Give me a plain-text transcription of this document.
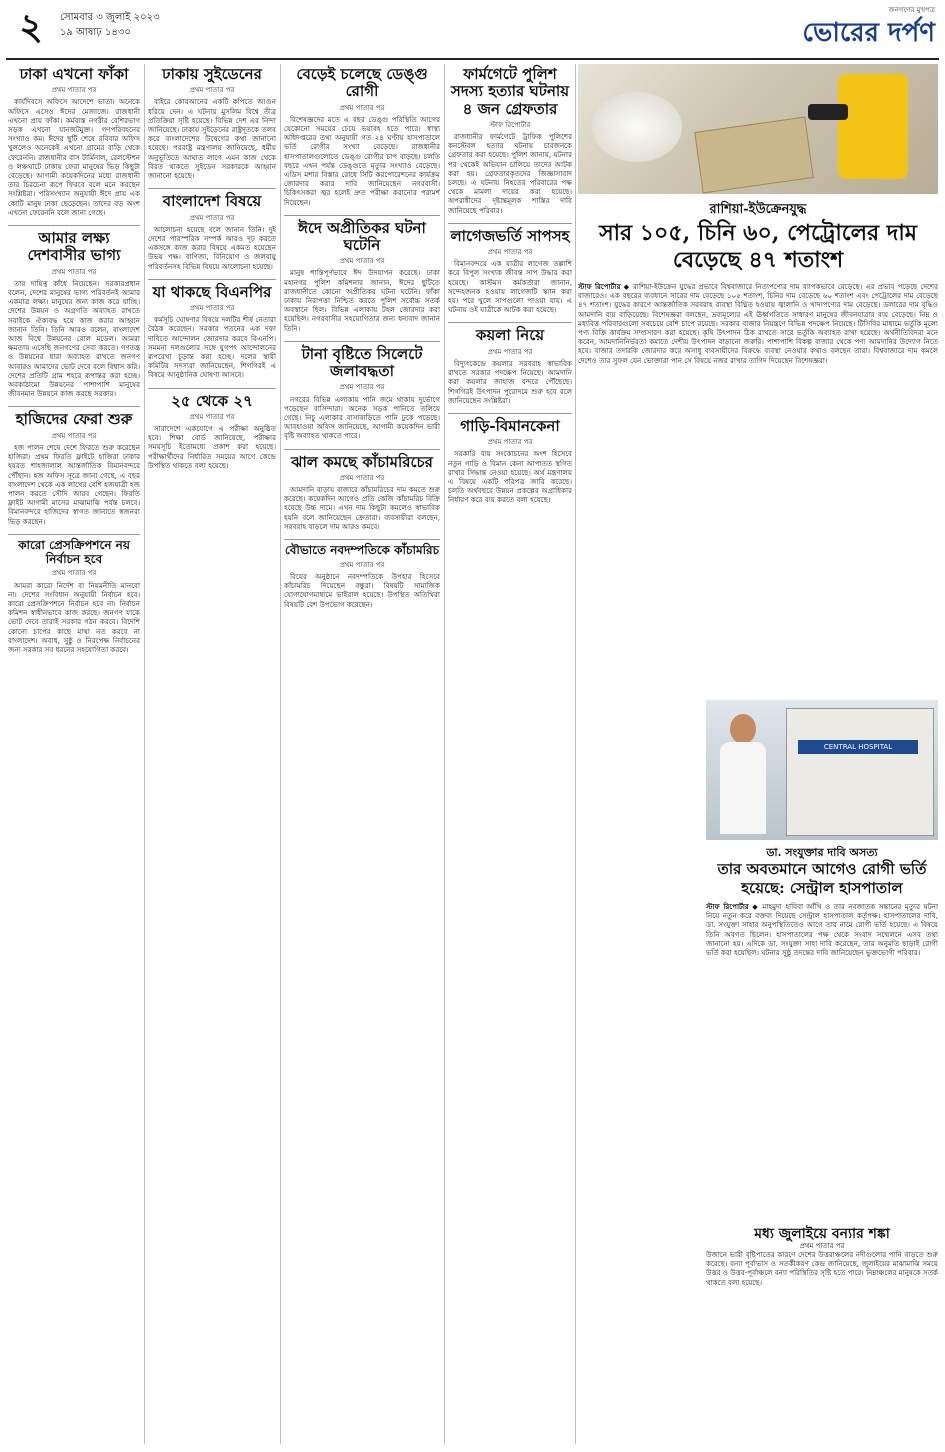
২	সোমবার ৩ জুলাই ২০২৩
১৯ আষাঢ় ১৪৩০
জনগণের মুখপত্র
ভোরের দর্পণ
ঢাকা এখনো ফাঁকা
প্রথম পাতার পর

কার্যদিবসে অফিসে আদেশে ভাতা। অনেকে অফিসে এসেও ঈদের মেজাজে। রাজধানী এখনো প্রায় ফাঁকা। কর্মব্যস্ত নগরীর বেশিরভাগ সড়ক এখনো যানজটমুক্ত। গণপরিবহনের সংখ্যাও কম। ঈদের ছুটি শেষে রবিবার অফিস খুললেও অনেকেই এখনো গ্রামের বাড়ি থেকে ফেরেননি। রাজধানীর বাস টার্মিনাল, রেলস্টেশন ও লঞ্চঘাটে ঢাকায় ফেরা মানুষের ভিড় কিছুটা বেড়েছে। আগামী কয়েকদিনের মধ্যে রাজধানী তার চিরচেনা রূপে ফিরবে বলে মনে করছেন সংশ্লিষ্টরা। পরিসংখ্যান অনুযায়ী ঈদে প্রায় এক কোটি মানুষ ঢাকা ছেড়েছেন। তাদের বড় অংশ এখনো ফেরেননি বলে জানা গেছে।

আমার লক্ষ্য দেশবাসীর ভাগ্য
প্রথম পাতার পর

তার দায়িত্ব কাঁধে নিয়েছেন। সরকারপ্রধান বলেন, দেশের মানুষের ভাগ্য পরিবর্তনই আমার একমাত্র লক্ষ্য। মানুষের জন্য কাজ করে যাচ্ছি। দেশের উন্নয়ন ও অগ্রগতি অব্যাহত রাখতে সবাইকে ঐক্যবদ্ধ হয়ে কাজ করার আহ্বান জানান তিনি। তিনি আরও বলেন, বাংলাদেশ আজ বিশ্বে উন্নয়নের রোল মডেল। আমরা ক্ষমতায় এসেছি জনগণের সেবা করতে। গণতন্ত্র ও উন্নয়নের ধারা অব্যাহত রাখতে জনগণ আবারও আমাদের ভোট দেবে বলে বিশ্বাস করি। দেশের প্রতিটি গ্রাম শহরে রূপান্তর করা হচ্ছে। অবকাঠামো উন্নয়নের পাশাপাশি মানুষের জীবনমান উন্নয়নে কাজ করছে সরকার।

হাজিদের ফেরা শুরু
প্রথম পাতার পর

হজ পালন শেষে দেশে ফিরতে শুরু করেছেন হাজিরা। প্রথম ফিরতি ফ্লাইটে হাজিরা ঢাকার হযরত শাহজালাল আন্তর্জাতিক বিমানবন্দরে পৌঁছান। হজ অফিস সূত্রে জানা গেছে, এ বছর বাংলাদেশ থেকে এক লাখের বেশি হজযাত্রী হজ পালন করতে সৌদি আরব গেছেন। ফিরতি ফ্লাইট আগামী মাসের মাঝামাঝি পর্যন্ত চলবে। বিমানবন্দরে হাজিদের স্বাগত জানাতে স্বজনরা ভিড় করছেন।

কারো প্রেসক্রিপশনে নয় নির্বাচন হবে
প্রথম পাতার পর

আমরা কারো নির্দেশ বা নিয়মনীতি মানবো না। দেশের সংবিধান অনুযায়ী নির্বাচন হবে। কারো প্রেসক্রিপশনে নির্বাচন হবে না। নির্বাচন কমিশন স্বাধীনভাবে কাজ করছে। জনগণ যাকে ভোট দেবে তারাই সরকার গঠন করবে। বিদেশি কোনো চাপের কাছে মাথা নত করবে না বাংলাদেশ। অবাধ, সুষ্ঠু ও নিরপেক্ষ নির্বাচনের জন্য সরকার সব ধরনের সহযোগিতা করবে।

ঢাকায় সুইডেনের
প্রথম পাতার পর

বাইরে কোরআনের একটি কপিতে আগুন ধরিয়ে দেন। এ ঘটনায় মুসলিম বিশ্বে তীব্র প্রতিক্রিয়া সৃষ্টি হয়েছে। বিভিন্ন দেশ এর নিন্দা জানিয়েছে। ঢাকায় সুইডেনের রাষ্ট্রদূতকে তলব করে বাংলাদেশের উদ্বেগের কথা জানানো হয়েছে। পররাষ্ট্র মন্ত্রণালয় জানিয়েছে, ধর্মীয় অনুভূতিতে আঘাত লাগে এমন কাজ থেকে বিরত থাকতে সুইডেন সরকারকে আহ্বান জানানো হয়েছে।

বাংলাদেশ বিষয়ে
প্রথম পাতার পর

আলোচনা হয়েছে বলে জানান তিনি। দুই দেশের পারস্পরিক সম্পর্ক আরও দৃঢ় করতে একসঙ্গে কাজ করার বিষয়ে একমত হয়েছেন উভয় পক্ষ। বাণিজ্য, বিনিয়োগ ও জলবায়ু পরিবর্তনসহ বিভিন্ন বিষয়ে আলোচনা হয়েছে।

যা থাকছে বিএনপির
প্রথম পাতার পর

কর্মসূচি ঘোষণার বিষয়ে দলটির শীর্ষ নেতারা বৈঠক করেছেন। সরকার পতনের এক দফা দাবিতে আন্দোলন জোরদার করবে বিএনপি। সমমনা দলগুলোর সঙ্গে যুগপৎ আন্দোলনের রূপরেখা চূড়ান্ত করা হচ্ছে। দলের স্থায়ী কমিটির সদস্যরা জানিয়েছেন, শিগগিরই এ বিষয়ে আনুষ্ঠানিক ঘোষণা আসবে।

২৫ থেকে ২৭
প্রথম পাতার পর

সারাদেশে একযোগে এ পরীক্ষা অনুষ্ঠিত হবে। শিক্ষা বোর্ড জানিয়েছে, পরীক্ষার সময়সূচি ইতোমধ্যে প্রকাশ করা হয়েছে। পরীক্ষার্থীদের নির্ধারিত সময়ের আগে কেন্দ্রে উপস্থিত থাকতে বলা হয়েছে।

বেড়েই চলেছে ডেঙ্গু রোগী
প্রথম পাতার পর

বিশেষজ্ঞদের মতে এ বছর ডেঙ্গু পরিস্থিতি আগের যেকোনো সময়ের চেয়ে ভয়াবহ হতে পারে। স্বাস্থ্য অধিদপ্তরের তথ্য অনুযায়ী গত ২৪ ঘণ্টায় হাসপাতালে ভর্তি রোগীর সংখ্যা বেড়েছে। রাজধানীর হাসপাতালগুলোতে ডেঙ্গু রোগীর চাপ বাড়ছে। চলতি বছরে এখন পর্যন্ত ডেঙ্গুতে মৃত্যুর সংখ্যাও বেড়েছে। এডিস মশার বিস্তার রোধে সিটি করপোরেশনের কার্যক্রম জোরদার করার দাবি জানিয়েছেন নগরবাসী। চিকিৎসকরা জ্বর হলেই দ্রুত পরীক্ষা করানোর পরামর্শ দিয়েছেন।

ঈদে অপ্রীতিকর ঘটনা ঘটেনি
প্রথম পাতার পর

মানুষ শান্তিপূর্ণভাবে ঈদ উদযাপন করেছে। ঢাকা মহানগর পুলিশ কমিশনার জানান, ঈদের ছুটিতে রাজধানীতে কোনো অপ্রীতিকর ঘটনা ঘটেনি। ফাঁকা ঢাকায় নিরাপত্তা নিশ্চিত করতে পুলিশ সর্বোচ্চ সতর্ক অবস্থানে ছিল। বিভিন্ন এলাকায় টহল জোরদার করা হয়েছিল। নগরবাসীর সহযোগিতার জন্য ধন্যবাদ জানান তিনি।

টানা বৃষ্টিতে সিলেটে জলাবদ্ধতা
প্রথম পাতার পর

নগরের বিভিন্ন এলাকায় পানি জমে থাকায় দুর্ভোগে পড়েছেন বাসিন্দারা। অনেক সড়ক পানিতে তলিয়ে গেছে। নিচু এলাকার বাসাবাড়িতে পানি ঢুকে পড়েছে। আবহাওয়া অফিস জানিয়েছে, আগামী কয়েকদিন ভারী বৃষ্টি অব্যাহত থাকতে পারে।

ঝাল কমছে কাঁচামরিচের
প্রথম পাতার পর

আমদানি বাড়ায় বাজারে কাঁচামরিচের দাম কমতে শুরু করেছে। কয়েকদিন আগেও প্রতি কেজি কাঁচামরিচ বিক্রি হয়েছে উচ্চ দামে। এখন দাম কিছুটা কমলেও স্বাভাবিক হয়নি বলে জানিয়েছেন ক্রেতারা। ব্যবসায়ীরা বলছেন, সরবরাহ বাড়লে দাম আরও কমবে।

বৌভাতে নবদম্পতিকে কাঁচামরিচ
প্রথম পাতার পর

বিয়ের অনুষ্ঠানে নবদম্পতিকে উপহার হিসেবে কাঁচামরিচ দিয়েছেন বন্ধুরা। বিষয়টি সামাজিক যোগাযোগমাধ্যমে ভাইরাল হয়েছে। উপস্থিত অতিথিরা বিষয়টি বেশ উপভোগ করেছেন।

ফার্মগেটে পুলিশ সদস্য হত্যার ঘটনায় ৪ জন গ্রেফতার
স্টাফ রিপোর্টার

রাজধানীর ফার্মগেটে ট্রাফিক পুলিশের কনস্টেবল হত্যার ঘটনায় চারজনকে গ্রেফতার করা হয়েছে। পুলিশ জানায়, ঘটনার পর থেকেই অভিযান চালিয়ে তাদের আটক করা হয়। গ্রেফতারকৃতদের জিজ্ঞাসাবাদ চলছে। এ ঘটনায় নিহতের পরিবারের পক্ষ থেকে মামলা দায়ের করা হয়েছে। অপরাধীদের দৃষ্টান্তমূলক শাস্তির দাবি জানিয়েছে পরিবার।

লাগেজভর্তি সাপসহ
প্রথম পাতার পর

বিমানবন্দরে এক যাত্রীর লাগেজ তল্লাশি করে বিপুল সংখ্যক জীবন্ত সাপ উদ্ধার করা হয়েছে। কাস্টমস কর্মকর্তারা জানান, সন্দেহজনক হওয়ায় লাগেজটি স্ক্যান করা হয়। পরে খুলে সাপগুলো পাওয়া যায়। এ ঘটনায় ওই যাত্রীকে আটক করা হয়েছে।

কয়লা নিয়ে
প্রথম পাতার পর

বিদ্যুৎকেন্দ্রে কয়লার সরবরাহ স্বাভাবিক রাখতে সরকার পদক্ষেপ নিয়েছে। আমদানি করা কয়লার জাহাজ বন্দরে পৌঁছেছে। শিগগিরই উৎপাদন পুরোদমে শুরু হবে বলে জানিয়েছেন সংশ্লিষ্টরা।

গাড়ি-বিমানকেনা
প্রথম পাতার পর

সরকারি ব্যয় সংকোচনের অংশ হিসেবে নতুন গাড়ি ও বিমান কেনা আপাতত স্থগিত রাখার সিদ্ধান্ত নেওয়া হয়েছে। অর্থ মন্ত্রণালয় এ বিষয়ে একটি পরিপত্র জারি করেছে। চলতি অর্থবছরে উন্নয়ন প্রকল্পের অগ্রাধিকার নির্ধারণ করে ব্যয় করতে বলা হয়েছে।

রাশিয়া-ইউক্রেনযুদ্ধ
সার ১০৫, চিনি ৬০, পেট্রোলের দাম বেড়েছে ৪৭ শতাংশ
স্টাফ রিপোর্টার ◆ রাশিয়া-ইউক্রেন যুদ্ধের প্রভাবে বিশ্ববাজারে নিত্যপণ্যের দাম ব্যাপকভাবে বেড়েছে। এর প্রভাব পড়েছে দেশের বাজারেও। এক বছরের ব্যবধানে সারের দাম বেড়েছে ১০৫ শতাংশ, চিনির দাম বেড়েছে ৬০ শতাংশ এবং পেট্রোলের দাম বেড়েছে ৪৭ শতাংশ। যুদ্ধের কারণে আন্তর্জাতিক সরবরাহ ব্যবস্থা বিঘ্নিত হওয়ায় জ্বালানি ও খাদ্যপণ্যের দাম বেড়েছে। ডলারের দাম বৃদ্ধিও আমদানি ব্যয় বাড়িয়েছে। বিশেষজ্ঞরা বলছেন, দ্রব্যমূল্যের এই ঊর্ধ্বগতিতে সাধারণ মানুষের জীবনযাত্রার ব্যয় বেড়েছে। নিম্ন ও মধ্যবিত্ত পরিবারগুলো সবচেয়ে বেশি চাপে রয়েছে। সরকার বাজার নিয়ন্ত্রণে বিভিন্ন পদক্ষেপ নিয়েছে। টিসিবির মাধ্যমে ভর্তুকি মূল্যে পণ্য বিক্রি কার্যক্রম সম্প্রসারণ করা হয়েছে। কৃষি উৎপাদন ঠিক রাখতে সারে ভর্তুকি অব্যাহত রাখা হয়েছে। অর্থনীতিবিদরা মনে করেন, আমদানিনির্ভরতা কমাতে দেশীয় উৎপাদন বাড়ানো জরুরি। পাশাপাশি বিকল্প বাজার থেকে পণ্য আমদানির উদ্যোগ নিতে হবে। বাজার তদারকি জোরদার করে অসাধু ব্যবসায়ীদের বিরুদ্ধে ব্যবস্থা নেওয়ার কথাও বলছেন তারা। বিশ্ববাজারে দাম কমলে দেশেও তার সুফল যেন ভোক্তারা পান সে বিষয়ে নজর রাখার তাগিদ দিয়েছেন বিশেষজ্ঞরা।
CENTRAL HOSPITAL
ডা. সংযুক্তার দাবি অসত্য
তার অবতমানে আগেও রোগী ভর্তি হয়েছে: সেন্ট্রাল হাসপাতাল
স্টাফ রিপোর্টার ◆ মাহমুদা হাবিবা আঁখি ও তার নবজাতক সন্তানের মৃত্যুর ঘটনা নিয়ে নতুন করে বক্তব্য দিয়েছে সেন্ট্রাল হাসপাতাল কর্তৃপক্ষ। হাসপাতালের দাবি, ডা. সংযুক্তা সাহার অনুপস্থিতিতেও আগে তার নামে রোগী ভর্তি হয়েছে। এ বিষয়ে তিনি অবগত ছিলেন। হাসপাতালের পক্ষ থেকে সংবাদ সম্মেলনে এসব তথ্য জানানো হয়। এদিকে ডা. সংযুক্তা সাহা দাবি করেছেন, তার অনুমতি ছাড়াই রোগী ভর্তি করা হয়েছিল। ঘটনার সুষ্ঠু তদন্তের দাবি জানিয়েছেন ভুক্তভোগী পরিবার।
মধ্য জুলাইয়ে বন্যার শঙ্কা
প্রথম পাতার পর
উজানে ভারী বৃষ্টিপাতের কারণে দেশের উত্তরাঞ্চলের নদীগুলোর পানি বাড়তে শুরু করেছে। বন্যা পূর্বাভাস ও সতর্কীকরণ কেন্দ্র জানিয়েছে, জুলাইয়ের মাঝামাঝি সময়ে উত্তর ও উত্তর-পূর্বাঞ্চলে বন্যা পরিস্থিতির সৃষ্টি হতে পারে। নিম্নাঞ্চলের মানুষকে সতর্ক থাকতে বলা হয়েছে।
